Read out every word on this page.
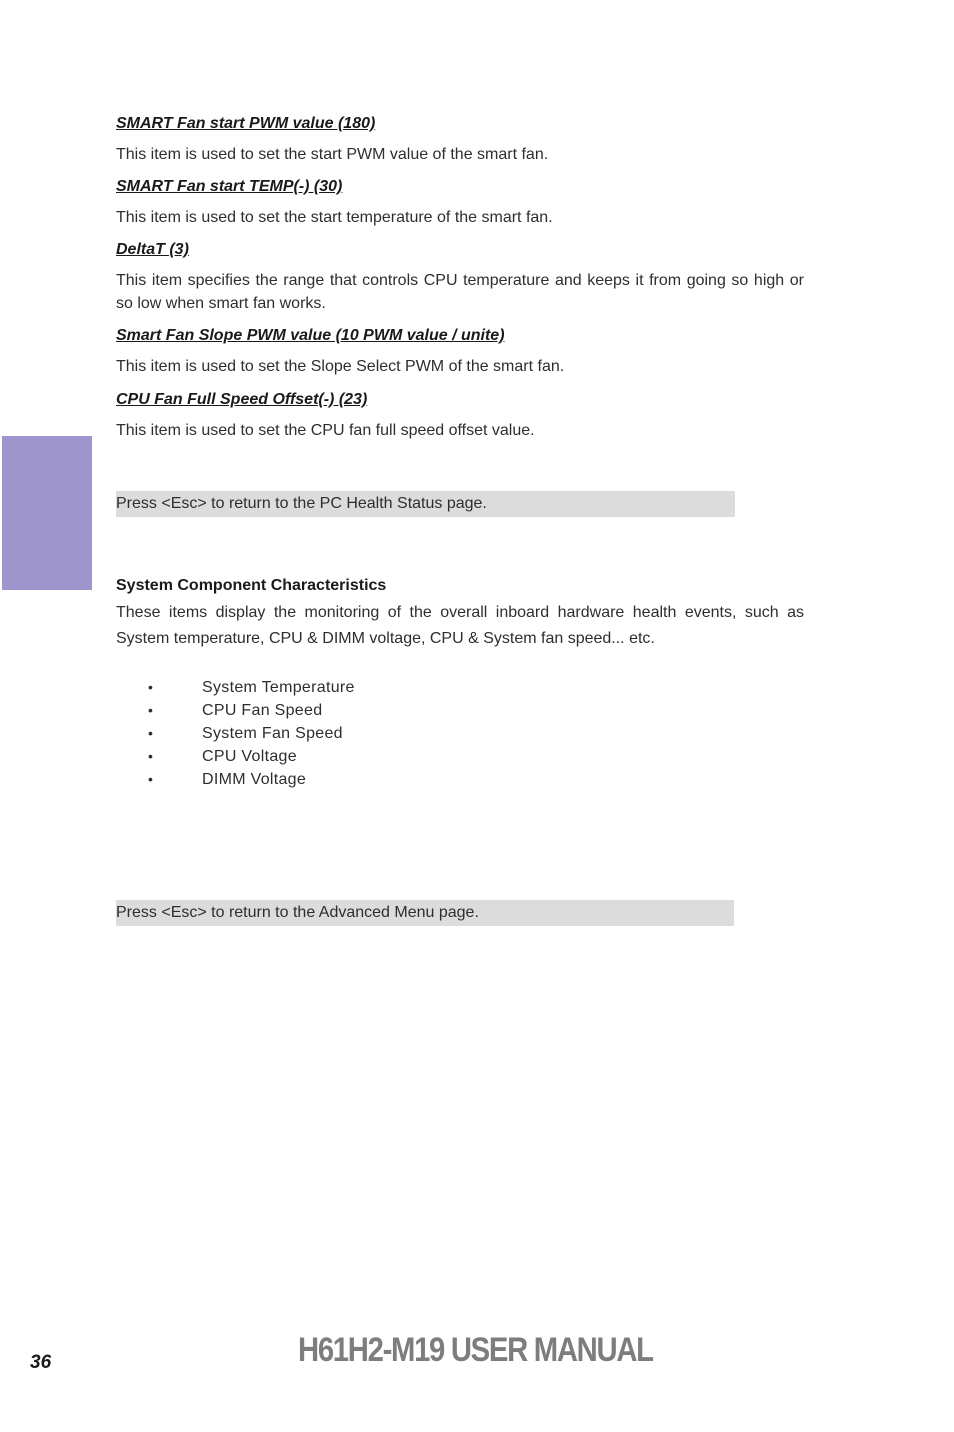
SMART Fan start PWM value (180)
This item is used to set the start PWM value of the smart fan.
SMART Fan start TEMP(-) (30)
This item is used to set the start temperature of the smart fan.
DeltaT (3)
This item specifies the range that controls CPU temperature and keeps it from going so high or so low when smart fan works.
Smart Fan Slope PWM value (10 PWM value / unite)
This item is used to set the Slope Select PWM of the smart fan.
CPU Fan Full Speed Offset(-) (23)
This item is used to set the CPU fan full speed offset value.
Press <Esc> to return to the PC Health Status page.
System Component Characteristics
These items display the monitoring of the overall inboard hardware health events, such as System temperature, CPU & DIMM voltage, CPU & System fan speed... etc.
•	System Temperature
•	CPU Fan Speed
•	System Fan Speed
•	CPU Voltage
•	DIMM Voltage
Press <Esc> to return to the Advanced Menu page.
36	H61H2-M19 USER MANUAL
